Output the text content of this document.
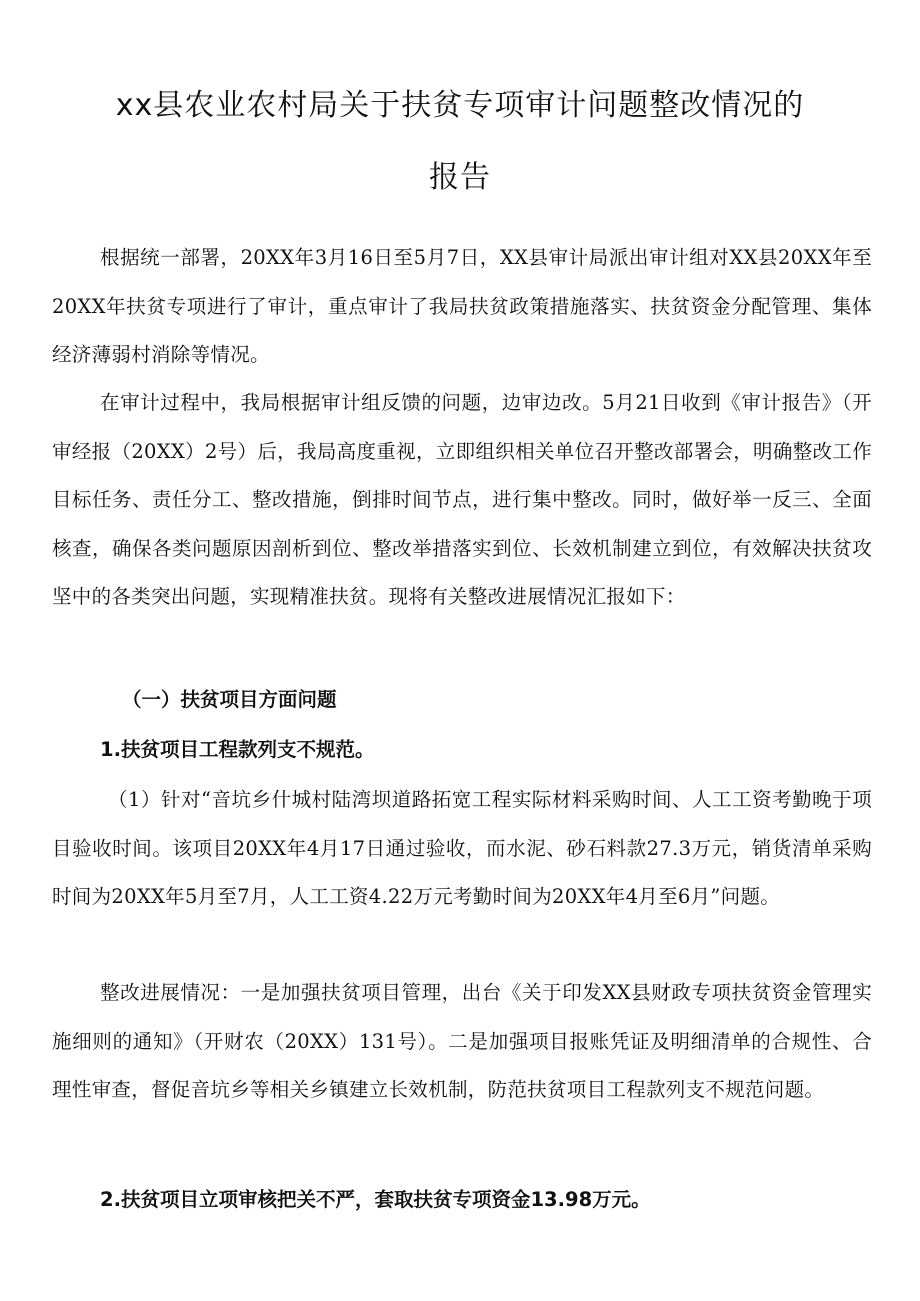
xx县农业农村局关于扶贫专项审计问题整改情况的
报告
根据统一部署，20XX年3月16日至5月7日，XX县审计局派出审计组对XX县20XX年至20XX年扶贫专项进行了审计，重点审计了我局扶贫政策措施落实、扶贫资金分配管理、集体经济薄弱村消除等情况。
在审计过程中，我局根据审计组反馈的问题，边审边改。5月21日收到《审计报告》（开审经报（20XX）2号）后，我局高度重视，立即组织相关单位召开整改部署会，明确整改工作目标任务、责任分工、整改措施，倒排时间节点，进行集中整改。同时，做好举一反三、全面核查，确保各类问题原因剖析到位、整改举措落实到位、长效机制建立到位，有效解决扶贫攻坚中的各类突出问题，实现精准扶贫。现将有关整改进展情况汇报如下：
（一）扶贫项目方面问题
1.扶贫项目工程款列支不规范。
（1）针对“音坑乡什城村陆湾坝道路拓宽工程实际材料采购时间、人工工资考勤晚于项目验收时间。该项目20XX年4月17日通过验收，而水泥、砂石料款27.3万元，销货清单采购时间为20XX年5月至7月，人工工资4.22万元考勤时间为20XX年4月至6月”问题。
整改进展情况：一是加强扶贫项目管理，出台《关于印发XX县财政专项扶贫资金管理实施细则的通知》（开财农（20XX）131号）。二是加强项目报账凭证及明细清单的合规性、合理性审查，督促音坑乡等相关乡镇建立长效机制，防范扶贫项目工程款列支不规范问题。
2.扶贫项目立项审核把关不严，套取扶贫专项资金13.98万元。
